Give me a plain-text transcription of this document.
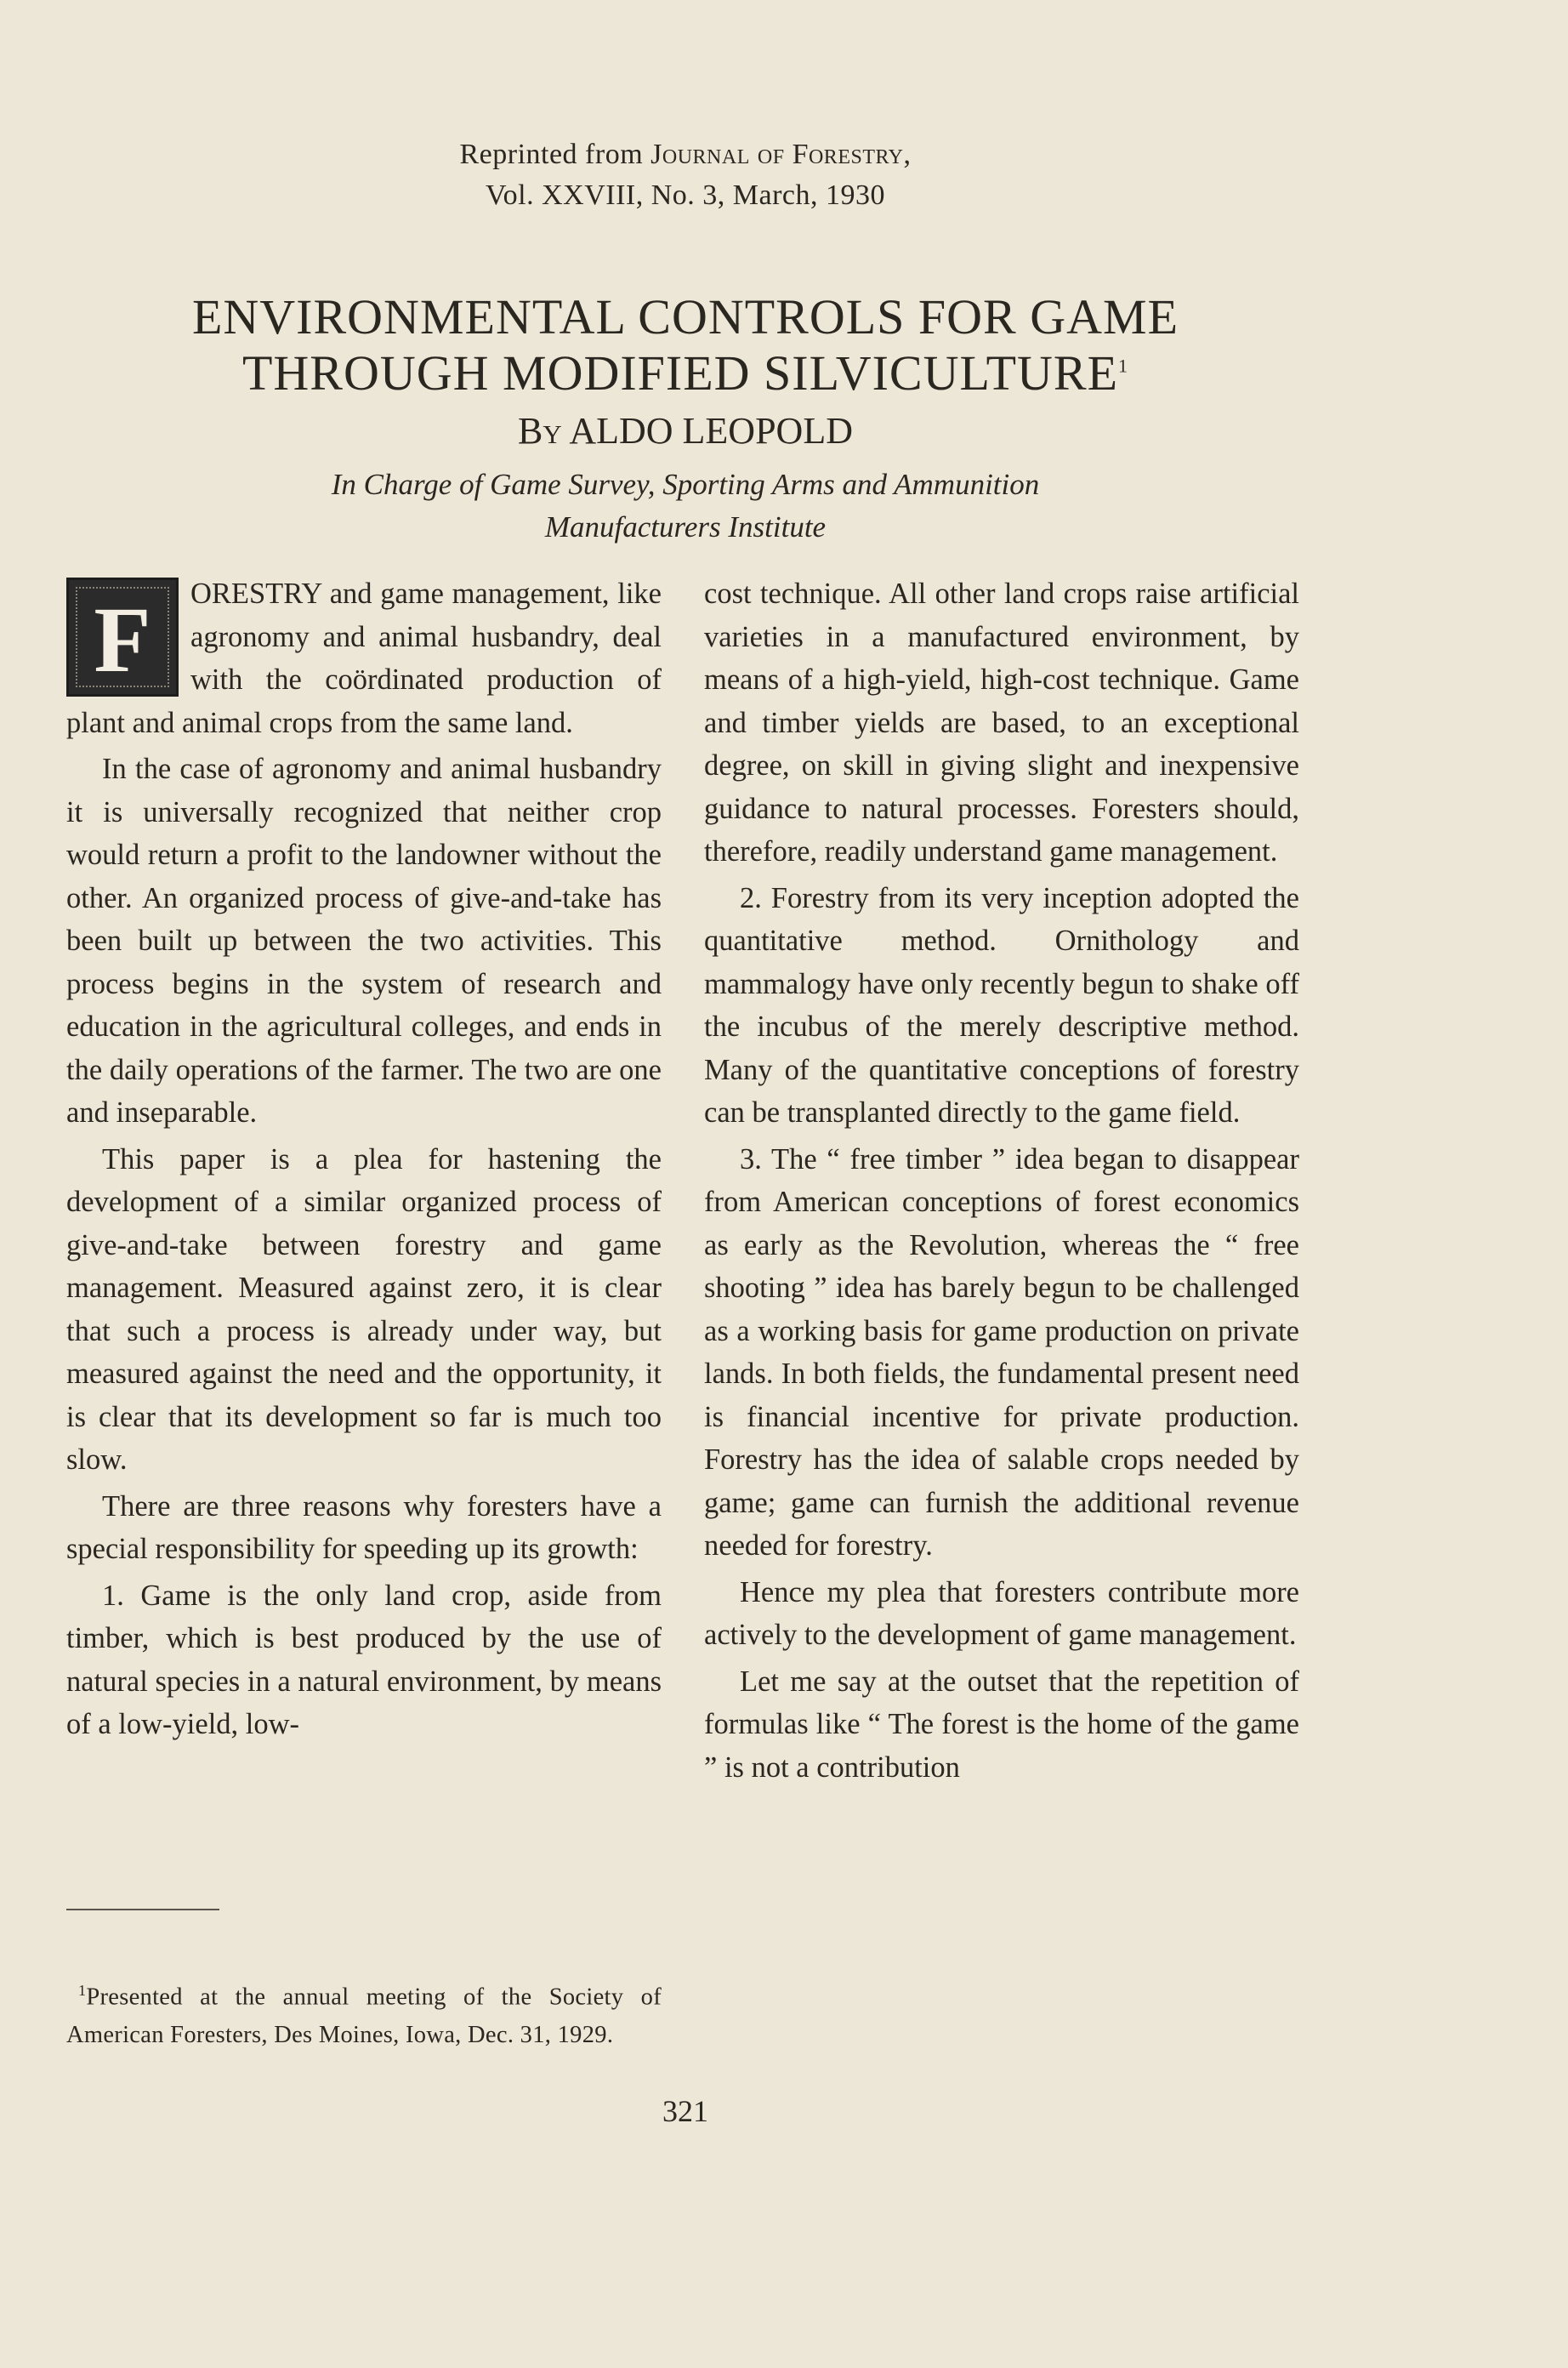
Reprinted from Journal of Forestry,
Vol. XXVIII, No. 3, March, 1930
ENVIRONMENTAL CONTROLS FOR GAME
THROUGH MODIFIED SILVICULTURE$^1$
By ALDO LEOPOLD
In Charge of Game Survey, Sporting Arms and Ammunition
Manufacturers Institute
F	ORESTRY and game management, like agronomy and animal husbandry, deal with the coördinated production of plant and animal crops from the same land.

In the case of agronomy and animal husbandry it is universally recognized that neither crop would return a profit to the landowner without the other. An organized process of give-and-take has been built up between the two activities. This process begins in the system of research and education in the agricultural colleges, and ends in the daily operations of the farmer. The two are one and inseparable.

This paper is a plea for hastening the development of a similar organized process of give-and-take between forestry and game management. Measured against zero, it is clear that such a process is already under way, but measured against the need and the opportunity, it is clear that its development so far is much too slow.

There are three reasons why foresters have a special responsibility for speeding up its growth:

1. Game is the only land crop, aside from timber, which is best produced by the use of natural species in a natural environment, by means of a low-yield, low-

cost technique. All other land crops raise artificial varieties in a manufactured environment, by means of a high-yield, high-cost technique. Game and timber yields are based, to an exceptional degree, on skill in giving slight and inexpensive guidance to natural processes. Foresters should, therefore, readily understand game management.

2. Forestry from its very inception adopted the quantitative method. Ornithology and mammalogy have only recently begun to shake off the incubus of the merely descriptive method. Many of the quantitative conceptions of forestry can be transplanted directly to the game field.

3. The “ free timber ” idea began to disappear from American conceptions of forest economics as early as the Revolution, whereas the “ free shooting ” idea has barely begun to be challenged as a working basis for game production on private lands. In both fields, the fundamental present need is financial incentive for private production. Forestry has the idea of salable crops needed by game; game can furnish the additional revenue needed for forestry.

Hence my plea that foresters contribute more actively to the development of game management.

Let me say at the outset that the repetition of formulas like “ The forest is the home of the game ” is not a contribution

$^1$Presented at the annual meeting of the Society of American Foresters, Des Moines, Iowa, Dec. 31, 1929.
321
